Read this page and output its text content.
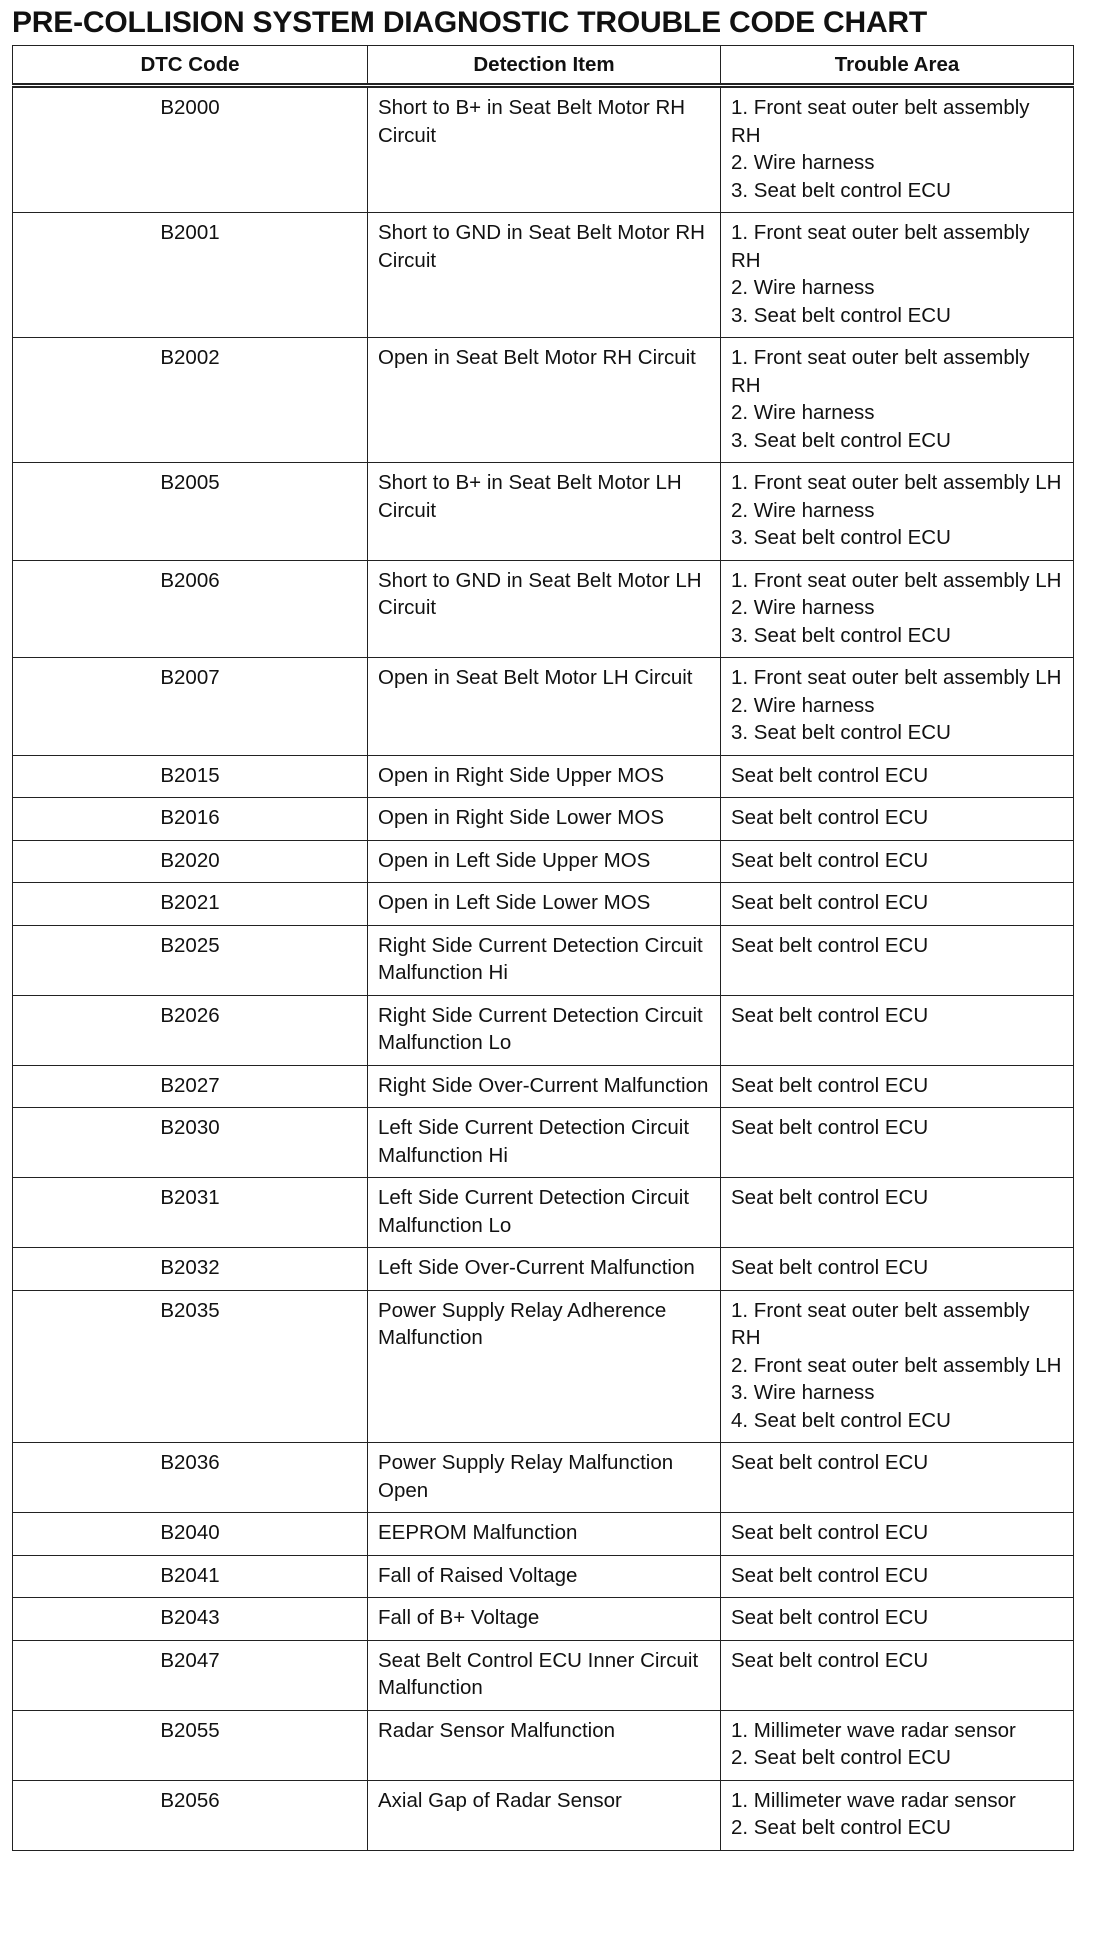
PRE-COLLISION SYSTEM DIAGNOSTIC TROUBLE CODE CHART
DTC Code	Detection Item	Trouble Area
B2000	Short to B+ in Seat Belt Motor RH Circuit	1. Front seat outer belt assembly RH
2. Wire harness
3. Seat belt control ECU

B2001	Short to GND in Seat Belt Motor RH Circuit	1. Front seat outer belt assembly RH
2. Wire harness
3. Seat belt control ECU

B2002	Open in Seat Belt Motor RH Circuit	1. Front seat outer belt assembly RH
2. Wire harness
3. Seat belt control ECU

B2005	Short to B+ in Seat Belt Motor LH Circuit	1. Front seat outer belt assembly LH
2. Wire harness
3. Seat belt control ECU

B2006	Short to GND in Seat Belt Motor LH Circuit	1. Front seat outer belt assembly LH
2. Wire harness
3. Seat belt control ECU

B2007	Open in Seat Belt Motor LH Circuit	1. Front seat outer belt assembly LH
2. Wire harness
3. Seat belt control ECU

B2015	Open in Right Side Upper MOS	Seat belt control ECU

B2016	Open in Right Side Lower MOS	Seat belt control ECU

B2020	Open in Left Side Upper MOS	Seat belt control ECU

B2021	Open in Left Side Lower MOS	Seat belt control ECU

B2025	Right Side Current Detection Circuit Malfunction Hi	Seat belt control ECU

B2026	Right Side Current Detection Circuit Malfunction Lo	Seat belt control ECU

B2027	Right Side Over-Current Malfunction	Seat belt control ECU

B2030	Left Side Current Detection Circuit Malfunction Hi	Seat belt control ECU

B2031	Left Side Current Detection Circuit Malfunction Lo	Seat belt control ECU

B2032	Left Side Over-Current Malfunction	Seat belt control ECU

B2035	Power Supply Relay Adherence Malfunction	1. Front seat outer belt assembly RH
2. Front seat outer belt assembly LH
3. Wire harness
4. Seat belt control ECU

B2036	Power Supply Relay Malfunction Open	Seat belt control ECU

B2040	EEPROM Malfunction	Seat belt control ECU

B2041	Fall of Raised Voltage	Seat belt control ECU

B2043	Fall of B+ Voltage	Seat belt control ECU

B2047	Seat Belt Control ECU Inner Circuit Malfunction	Seat belt control ECU

B2055	Radar Sensor Malfunction	1. Millimeter wave radar sensor
2. Seat belt control ECU

B2056	Axial Gap of Radar Sensor	1. Millimeter wave radar sensor
2. Seat belt control ECU
